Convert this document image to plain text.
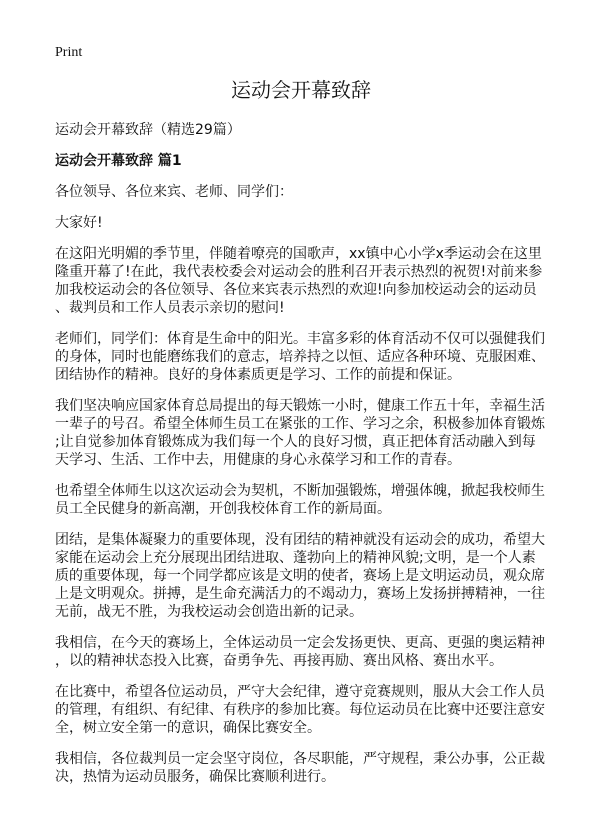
Print
运动会开幕致辞
运动会开幕致辞（精选29篇）
运动会开幕致辞 篇1

各位领导、各位来宾、老师、同学们：

大家好!

在这阳光明媚的季节里，伴随着嘹亮的国歌声，xx镇中心小学x季运动会在这里隆重开幕了!在此，我代表校委会对运动会的胜利召开表示热烈的祝贺!对前来参加我校运动会的各位领导、各位来宾表示热烈的欢迎!向参加校运动会的运动员、裁判员和工作人员表示亲切的慰问!

老师们，同学们：体育是生命中的阳光。丰富多彩的体育活动不仅可以强健我们的身体，同时也能磨练我们的意志，培养持之以恒、适应各种环境、克服困难、团结协作的精神。良好的身体素质更是学习、工作的前提和保证。

我们坚决响应国家体育总局提出的每天锻炼一小时，健康工作五十年，幸福生活一辈子的号召。希望全体师生员工在紧张的工作、学习之余，积极参加体育锻炼;让自觉参加体育锻炼成为我们每一个人的良好习惯，真正把体育活动融入到每天学习、生活、工作中去，用健康的身心永葆学习和工作的青春。

也希望全体师生以这次运动会为契机，不断加强锻炼，增强体魄，掀起我校师生员工全民健身的新高潮，开创我校体育工作的新局面。

团结，是集体凝聚力的重要体现，没有团结的精神就没有运动会的成功，希望大家能在运动会上充分展现出团结进取、蓬勃向上的精神风貌;文明，是一个人素质的重要体现，每一个同学都应该是文明的使者，赛场上是文明运动员，观众席上是文明观众。拼搏，是生命充满活力的不竭动力，赛场上发扬拼搏精神，一往无前，战无不胜，为我校运动会创造出新的记录。

我相信，在今天的赛场上，全体运动员一定会发扬更快、更高、更强的奥运精神，以的精神状态投入比赛，奋勇争先、再接再励、赛出风格、赛出水平。

在比赛中，希望各位运动员，严守大会纪律，遵守竞赛规则，服从大会工作人员的管理，有组织、有纪律、有秩序的参加比赛。每位运动员在比赛中还要注意安全，树立安全第一的意识，确保比赛安全。

我相信，各位裁判员一定会坚守岗位，各尽职能，严守规程，秉公办事，公正裁决，热情为运动员服务，确保比赛顺利进行。
